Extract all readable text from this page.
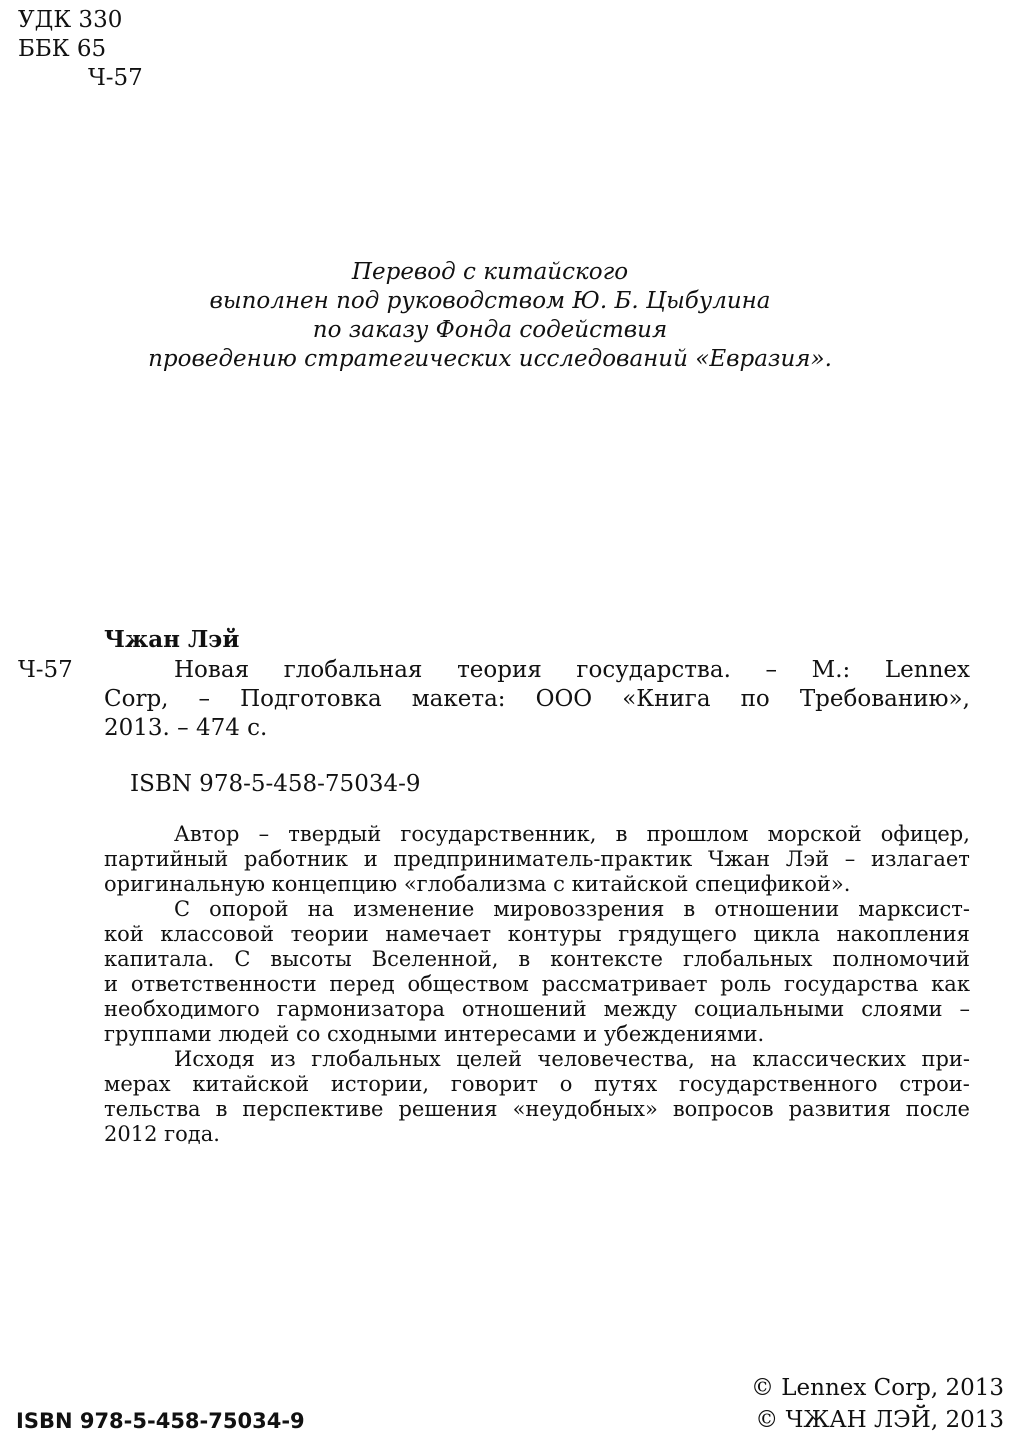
УДК 330
ББК 65
Ч-57
Перевод с китайского
выполнен под руководством Ю. Б. Цыбулина
по заказу Фонда содействия
проведению стратегических исследований «Евразия».
Чжан Лэй
Ч-57	Новая глобальная теория государства. – М.: Lennex
Corp, – Подготовка макета: ООО «Книга по Требованию»,
2013. – 474 с.
ISBN 978-5-458-75034-9
Автор – твердый государственник, в прошлом морской офицер,
партийный работник и предприниматель-практик Чжан Лэй – излагает
оригинальную концепцию «глобализма с китайской спецификой».
С опорой на изменение мировоззрения в отношении марксист-
кой классовой теории намечает контуры грядущего цикла накопления
капитала. С высоты Вселенной, в контексте глобальных полномочий
и ответственности перед обществом рассматривает роль государства как
необходимого гармонизатора отношений между социальными слоями –
группами людей со сходными интересами и убеждениями.
Исходя из глобальных целей человечества, на классических при-
мерах китайской истории, говорит о путях государственного строи-
тельства в перспективе решения «неудобных» вопросов развития после
2012 года.
ISBN 978-5-458-75034-9
© Lennex Corp, 2013
© ЧЖАН ЛЭЙ, 2013
